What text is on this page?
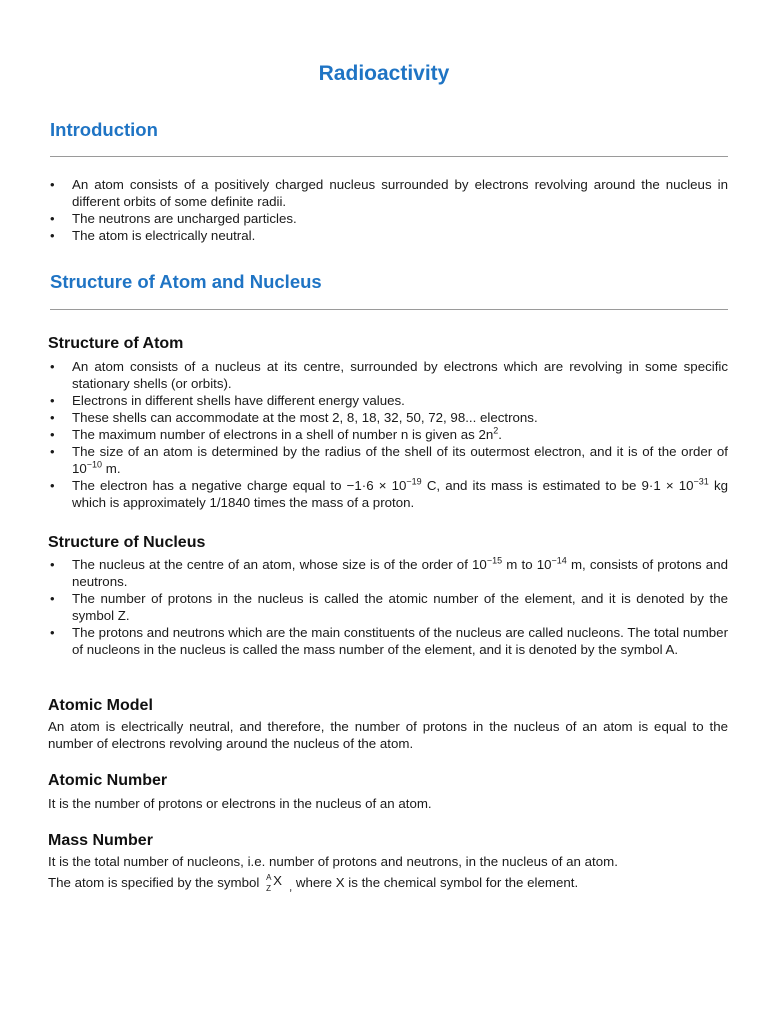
Radioactivity
Introduction
• An atom consists of a positively charged nucleus surrounded by electrons revolving around the nucleus in different orbits of some definite radii.
• The neutrons are uncharged particles.
• The atom is electrically neutral.
Structure of Atom and Nucleus
Structure of Atom
• An atom consists of a nucleus at its centre, surrounded by electrons which are revolving in some specific stationary shells (or orbits).
• Electrons in different shells have different energy values.
• These shells can accommodate at the most 2, 8, 18, 32, 50, 72, 98... electrons.
• The maximum number of electrons in a shell of number n is given as $2n^2$.
• The size of an atom is determined by the radius of the shell of its outermost electron, and it is of the order of $10^{-10}$ m.
• The electron has a negative charge equal to $-1\cdot 6 \times 10^{-19}$ C, and its mass is estimated to be $9\cdot 1 \times 10^{-31}$ kg which is approximately 1/1840 times the mass of a proton.
Structure of Nucleus
• The nucleus at the centre of an atom, whose size is of the order of $10^{-15}$ m to $10^{-14}$ m, consists of protons and neutrons.
• The number of protons in the nucleus is called the atomic number of the element, and it is denoted by the symbol Z.
• The protons and neutrons which are the main constituents of the nucleus are called nucleons. The total number of nucleons in the nucleus is called the mass number of the element, and it is denoted by the symbol A.
Atomic Model

An atom is electrically neutral, and therefore, the number of protons in the nucleus of an atom is equal to the number of electrons revolving around the nucleus of the atom.

Atomic Number

It is the number of protons or electrons in the nucleus of an atom.

Mass Number

It is the total number of nucleons, i.e. number of protons and neutrons, in the nucleus of an atom.

The atom is specified by the symbol A
Z
X $_,$ where X is the chemical symbol for the element.
